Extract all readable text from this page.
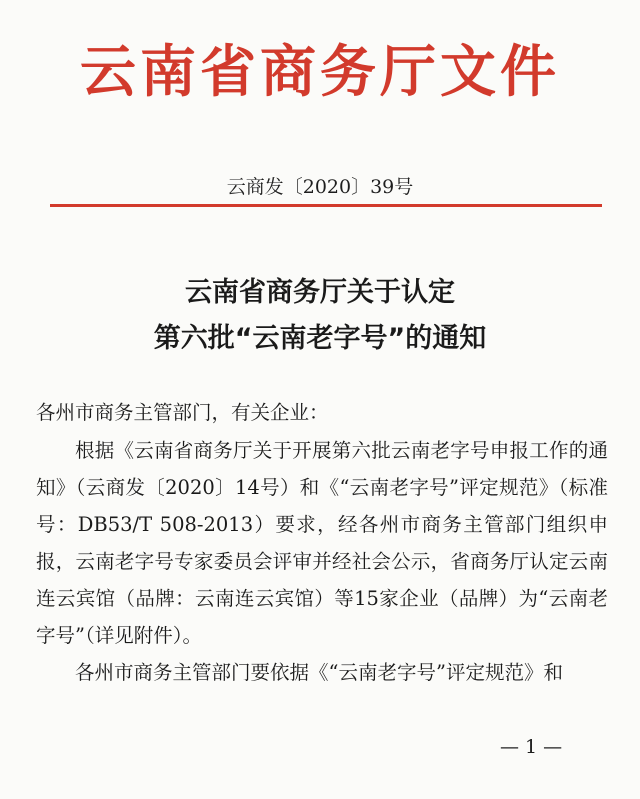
云南省商务厅文件
云商发〔2020〕39号
云南省商务厅关于认定
第六批“云南老字号”的通知
各州市商务主管部门，有关企业：
根据《云南省商务厅关于开展第六批云南老字号申报工作的通知》（云商发〔2020〕14号）和《“云南老字号”评定规范》（标准号：DB53/T 508-2013）要求，经各州市商务主管部门组织申报，云南老字号专家委员会评审并经社会公示，省商务厅认定云南连云宾馆（品牌：云南连云宾馆）等15家企业（品牌）为“云南老字号”（详见附件）。
各州市商务主管部门要依据《“云南老字号”评定规范》和
— 1 —
